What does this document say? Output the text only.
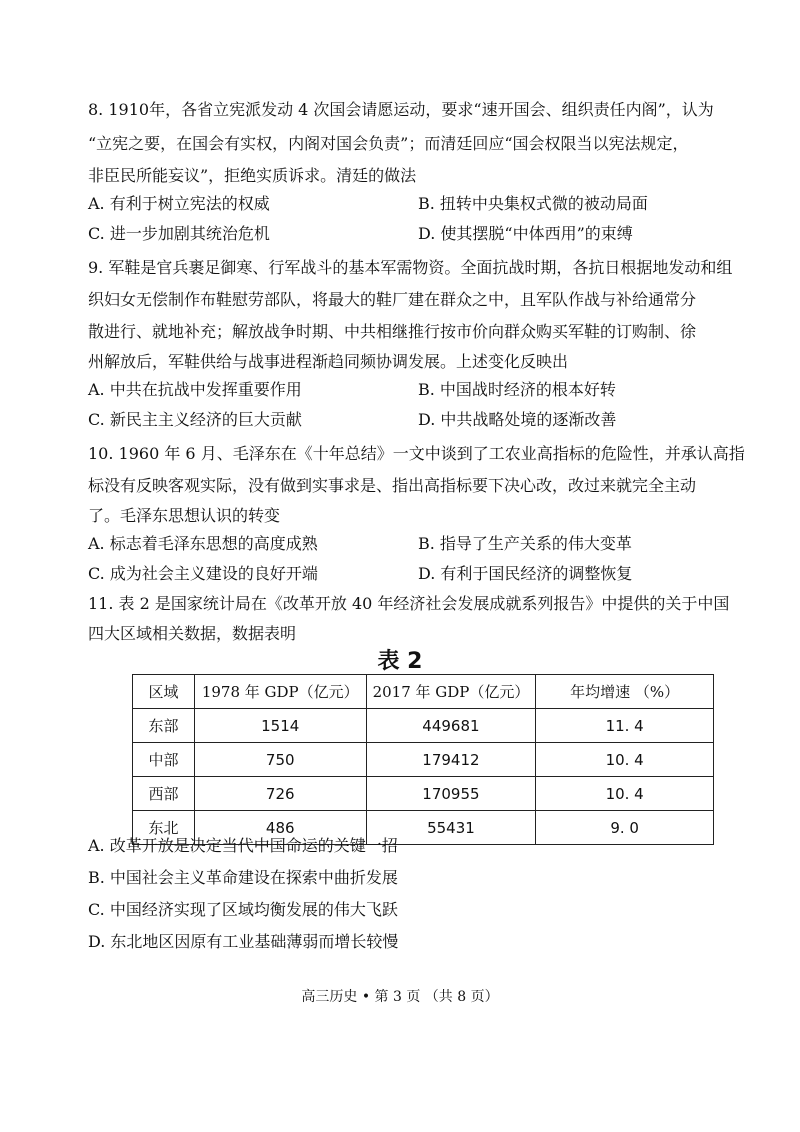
8. 1910年，各省立宪派发动 4 次国会请愿运动，要求“速开国会、组织责任内阁”，认为
“立宪之要，在国会有实权，内阁对国会负责”；而清廷回应“国会权限当以宪法规定，
非臣民所能妄议”，拒绝实质诉求。清廷的做法
A. 有利于树立宪法的权威	B. 扭转中央集权式微的被动局面
C. 进一步加剧其统治危机	D. 使其摆脱“中体西用”的束缚
9. 军鞋是官兵裹足御寒、行军战斗的基本军需物资。全面抗战时期，各抗日根据地发动和组
织妇女无偿制作布鞋慰劳部队，将最大的鞋厂建在群众之中，且军队作战与补给通常分
散进行、就地补充；解放战争时期、中共相继推行按市价向群众购买军鞋的订购制、徐
州解放后，军鞋供给与战事进程渐趋同频协调发展。上述变化反映出
A. 中共在抗战中发挥重要作用	B. 中国战时经济的根本好转
C. 新民主主义经济的巨大贡献	D. 中共战略处境的逐渐改善
10. 1960 年 6 月、毛泽东在《十年总结》一文中谈到了工农业高指标的危险性，并承认高指
标没有反映客观实际，没有做到实事求是、指出高指标要下决心改，改过来就完全主动
了。毛泽东思想认识的转变
A. 标志着毛泽东思想的高度成熟	B. 指导了生产关系的伟大变革
C. 成为社会主义建设的良好开端	D. 有利于国民经济的调整恢复
11. 表 2 是国家统计局在《改革开放 40 年经济社会发展成就系列报告》中提供的关于中国
四大区域相关数据，数据表明
表 2
区域	1978 年 GDP（亿元）	2017 年 GDP（亿元）	年均增速 （%）
东部	1514	449681	11. 4
中部	750	179412	10. 4
西部	726	170955	10. 4
东北	486	55431	9. 0
A. 改革开放是决定当代中国命运的关键一招
B. 中国社会主义革命建设在探索中曲折发展
C. 中国经济实现了区域均衡发展的伟大飞跃
D. 东北地区因原有工业基础薄弱而增长较慢
高三历史 • 第 3 页 （共 8 页）
